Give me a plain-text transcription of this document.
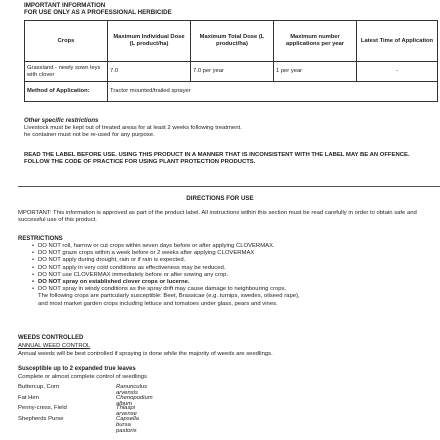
IMPORTANT INFORMATION
FOR USE ONLY AS A PROFESSIONAL HERBICIDE
Crops	Maximum Individual Dose (L product/ha)	Maximum Total Dose (L product/ha)	Maximum number applications per year	Latest Time of Application
Grassland - newly sown leys with clover	7.0	7.0 per year	1 per year	-
Method of Application:	Tractor mounted/trailed sprayer			
Other specific restrictions
Livestock must be kept out of treated areas for at least 2 weeks following treatment.
he container must not be re-used for any purpose.
READ THE LABEL BEFORE USE. USING THIS PRODUCT IN A MANNER THAT IS INCONSISTENT WITH THE LABEL MAY BE AN OFFENCE. FOLLOW THE CODE OF PRACTICE FOR USING PLANT PROTECTION PRODUCTS.
DIRECTIONS FOR USE
MPORTANT: This information is approved as part of the product label. All instructions within this section must be read carefully in order to obtain safe and successful use of this product.
RESTRICTIONS
• DO NOT roll, harrow or cut crops within seven days before or after applying CLOVERMAX.
• DO NOT graze crops within a week before or 2 weeks after applying CLOVERMAX
• DO NOT apply during drought, rain or if rain is expected.
• DO NOT apply in very cold conditions as effectiveness may be reduced.
• DO NOT use CLOVERMAX immediately before or after sowing any crop.
• DO NOT spray on established clover crops or lucerne.
• DO NOT spray in windy conditions as the spray drift may cause damage to neighbouring crops.
The following crops are particularly susceptible: Beet, Brassicae (e.g. turnips, swedes, oilseed rape),
and most market garden crops including lettuce and tomatoes under glass, pears and vines.
WEEDS CONTROLLED
ANNUAL WEED CONTROL
Annual weeds will be best controlled if spraying is done while the majority of weeds are seedlings.
Susceptible up to 2 expanded true leaves
Complete or almost complete control of seedlings
Buttercup, Corn	Ranunculus arvensis
Fat Hen	Chenopodium album
Penny-cress, Field	Thlaspi arvense
Shepherds Purse	Capsella bursa pastoris
